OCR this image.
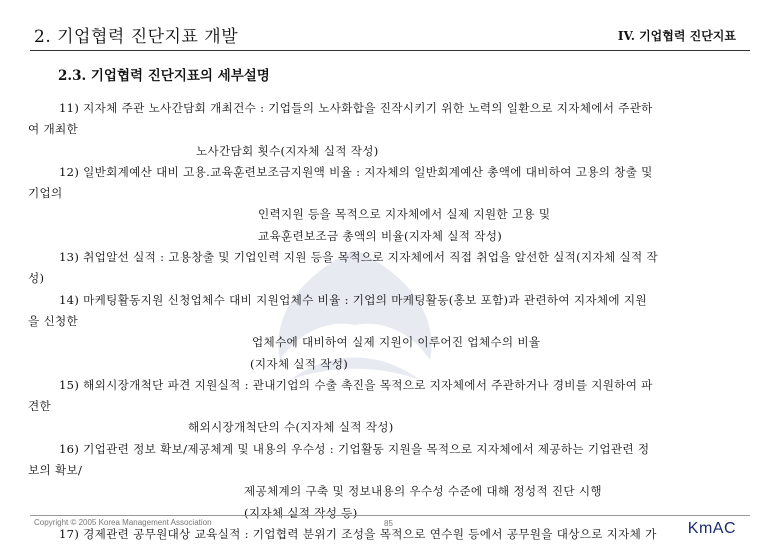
2. 기업협력 진단지표 개발	IV. 기업협력 진단지표
2.3. 기업협력 진단지표의 세부설명
11) 지자체 주관 노사간담회 개최건수 : 기업들의 노사화합을 진작시키기 위한 노력의 일환으로 지자체에서 주관하
여 개최한
노사간담회 횟수(지자체 실적 작성)
12) 일반회계예산 대비 고용.교육훈련보조금지원액 비율 : 지자체의 일반회계예산 총액에 대비하여 고용의 창출 및
기업의
인력지원 등을 목적으로 지자체에서 실제 지원한 고용 및
교육훈련보조금 총액의 비율(지자체 실적 작성)
13) 취업알선 실적 : 고용창출 및 기업인력 지원 등을 목적으로 지자체에서 직접 취업을 알선한 실적(지자체 실적 작
성)
14) 마케팅활동지원 신청업체수 대비 지원업체수 비율 : 기업의 마케팅활동(홍보 포함)과 관련하여 지자체에 지원
을 신청한
업체수에 대비하여 실제 지원이 이루어진 업체수의 비율
(지자체 실적 작성)
15) 해외시장개척단 파견 지원실적 : 관내기업의 수출 촉진을 목적으로 지자체에서 주관하거나 경비를 지원하여 파
견한
해외시장개척단의 수(지자체 실적 작성)
16) 기업관련 정보 확보/제공체계 및 내용의 우수성 : 기업활동 지원을 목적으로 지자체에서 제공하는 기업관련 정
보의 확보/
제공체계의 구축 및 정보내용의 우수성 수준에 대해 정성적 진단 시행
(지자체 실적 작성 등)
17) 경제관련 공무원대상 교육실적 : 기업협력 분위기 조성을 목적으로 연수원 등에서 공무원을 대상으로 지자체 가
Copyright © 2005 Korea Management Association	85	KmAC
